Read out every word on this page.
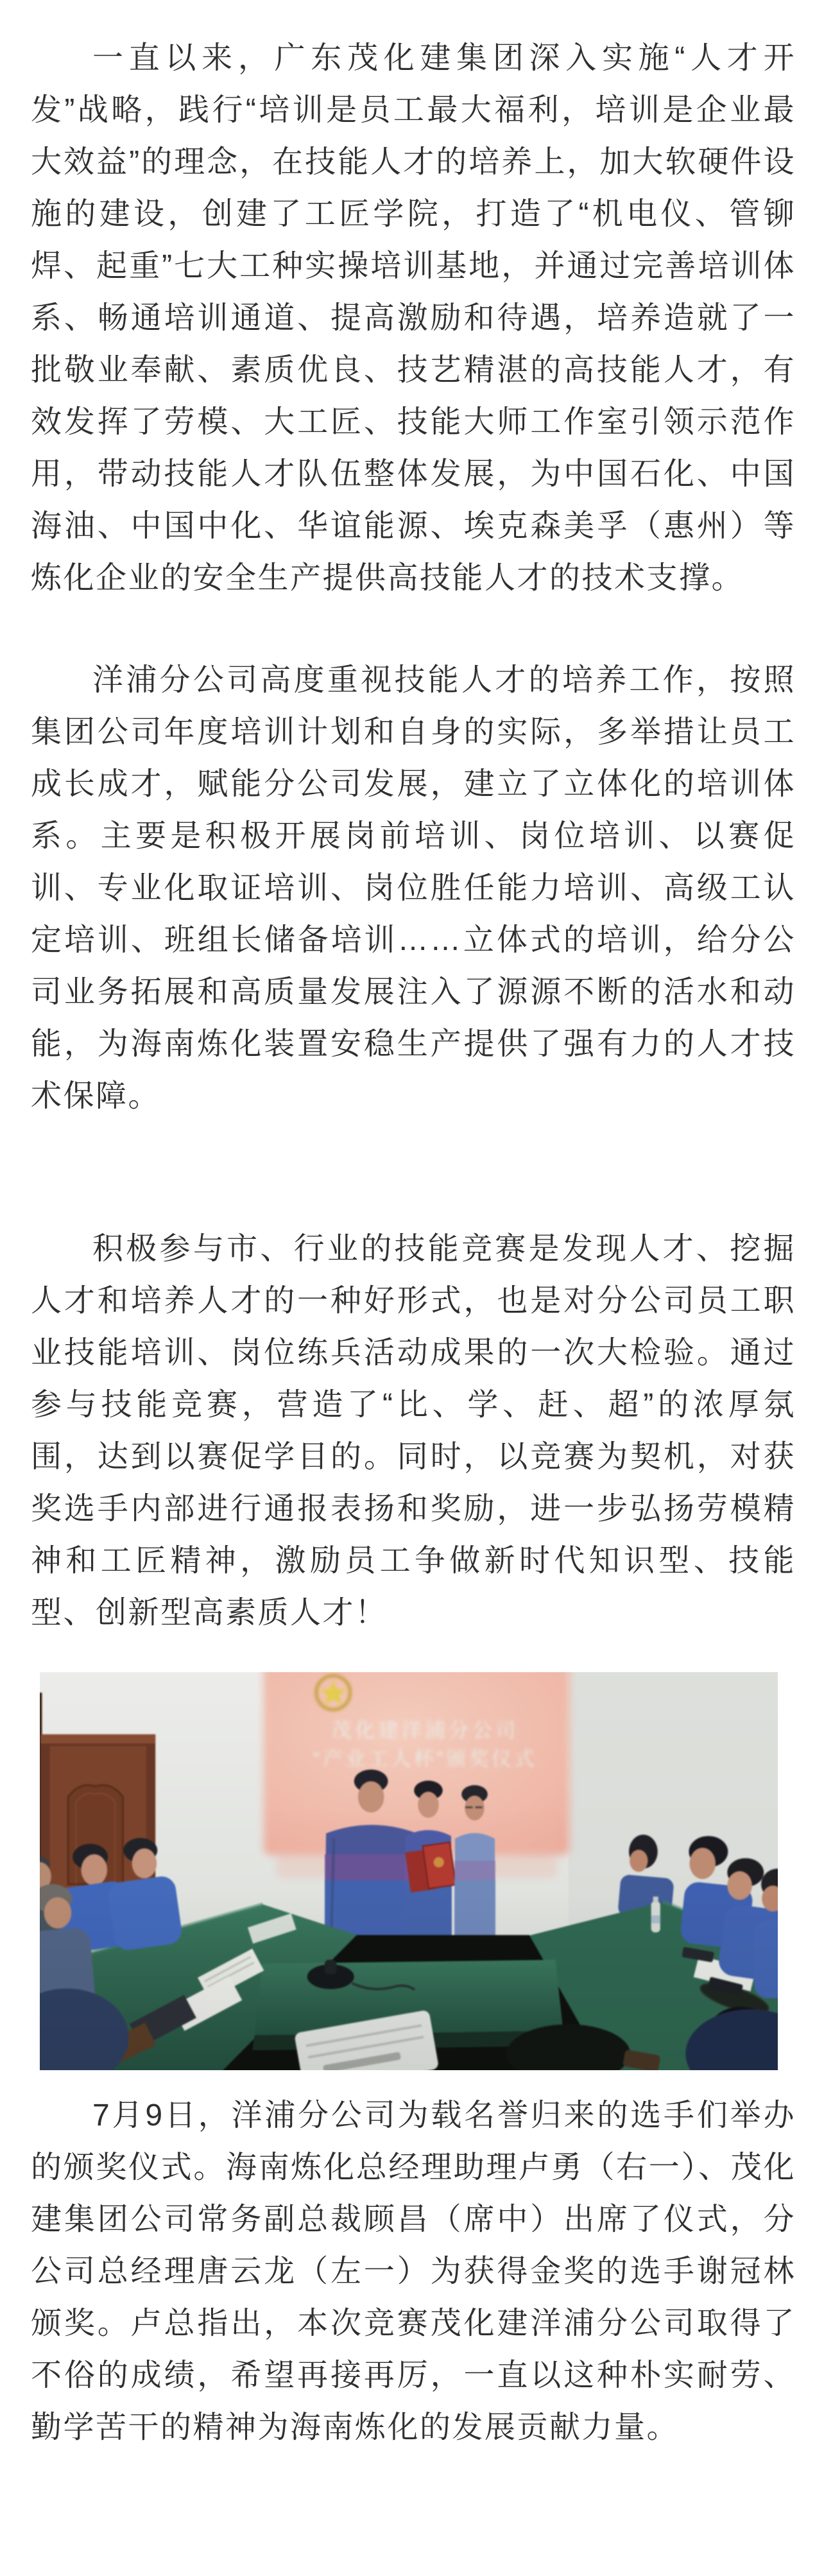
一直以来，广东茂化建集团深入实施“人才开发”战略，践行“培训是员工最大福利，培训是企业最大效益”的理念，在技能人才的培养上，加大软硬件设施的建设，创建了工匠学院，打造了“机电仪、管铆焊、起重”七大工种实操培训基地，并通过完善培训体系、畅通培训通道、提高激励和待遇，培养造就了一批敬业奉献、素质优良、技艺精湛的高技能人才，有效发挥了劳模、大工匠、技能大师工作室引领示范作用，带动技能人才队伍整体发展，为中国石化、中国海油、中国中化、华谊能源、埃克森美孚（惠州）等炼化企业的安全生产提供高技能人才的技术支撑。

洋浦分公司高度重视技能人才的培养工作，按照集团公司年度培训计划和自身的实际，多举措让员工成长成才，赋能分公司发展，建立了立体化的培训体系。主要是积极开展岗前培训、岗位培训、以赛促训、专业化取证培训、岗位胜任能力培训、高级工认定培训、班组长储备培训……立体式的培训，给分公司业务拓展和高质量发展注入了源源不断的活水和动能，为海南炼化装置安稳生产提供了强有力的人才技术保障。

积极参与市、行业的技能竞赛是发现人才、挖掘人才和培养人才的一种好形式，也是对分公司员工职业技能培训、岗位练兵活动成果的一次大检验。通过参与技能竞赛，营造了“比、学、赶、超”的浓厚氛围，达到以赛促学目的。同时，以竞赛为契机，对获奖选手内部进行通报表扬和奖励，进一步弘扬劳模精神和工匠精神，激励员工争做新时代知识型、技能型、创新型高素质人才！

7月9日，洋浦分公司为载名誉归来的选手们举办的颁奖仪式。海南炼化总经理助理卢勇（右一）、茂化建集团公司常务副总裁顾昌（席中）出席了仪式，分公司总经理唐云龙（左一）为获得金奖的选手谢冠林颁奖。卢总指出，本次竞赛茂化建洋浦分公司取得了不俗的成绩，希望再接再厉，一直以这种朴实耐劳、勤学苦干的精神为海南炼化的发展贡献力量。
